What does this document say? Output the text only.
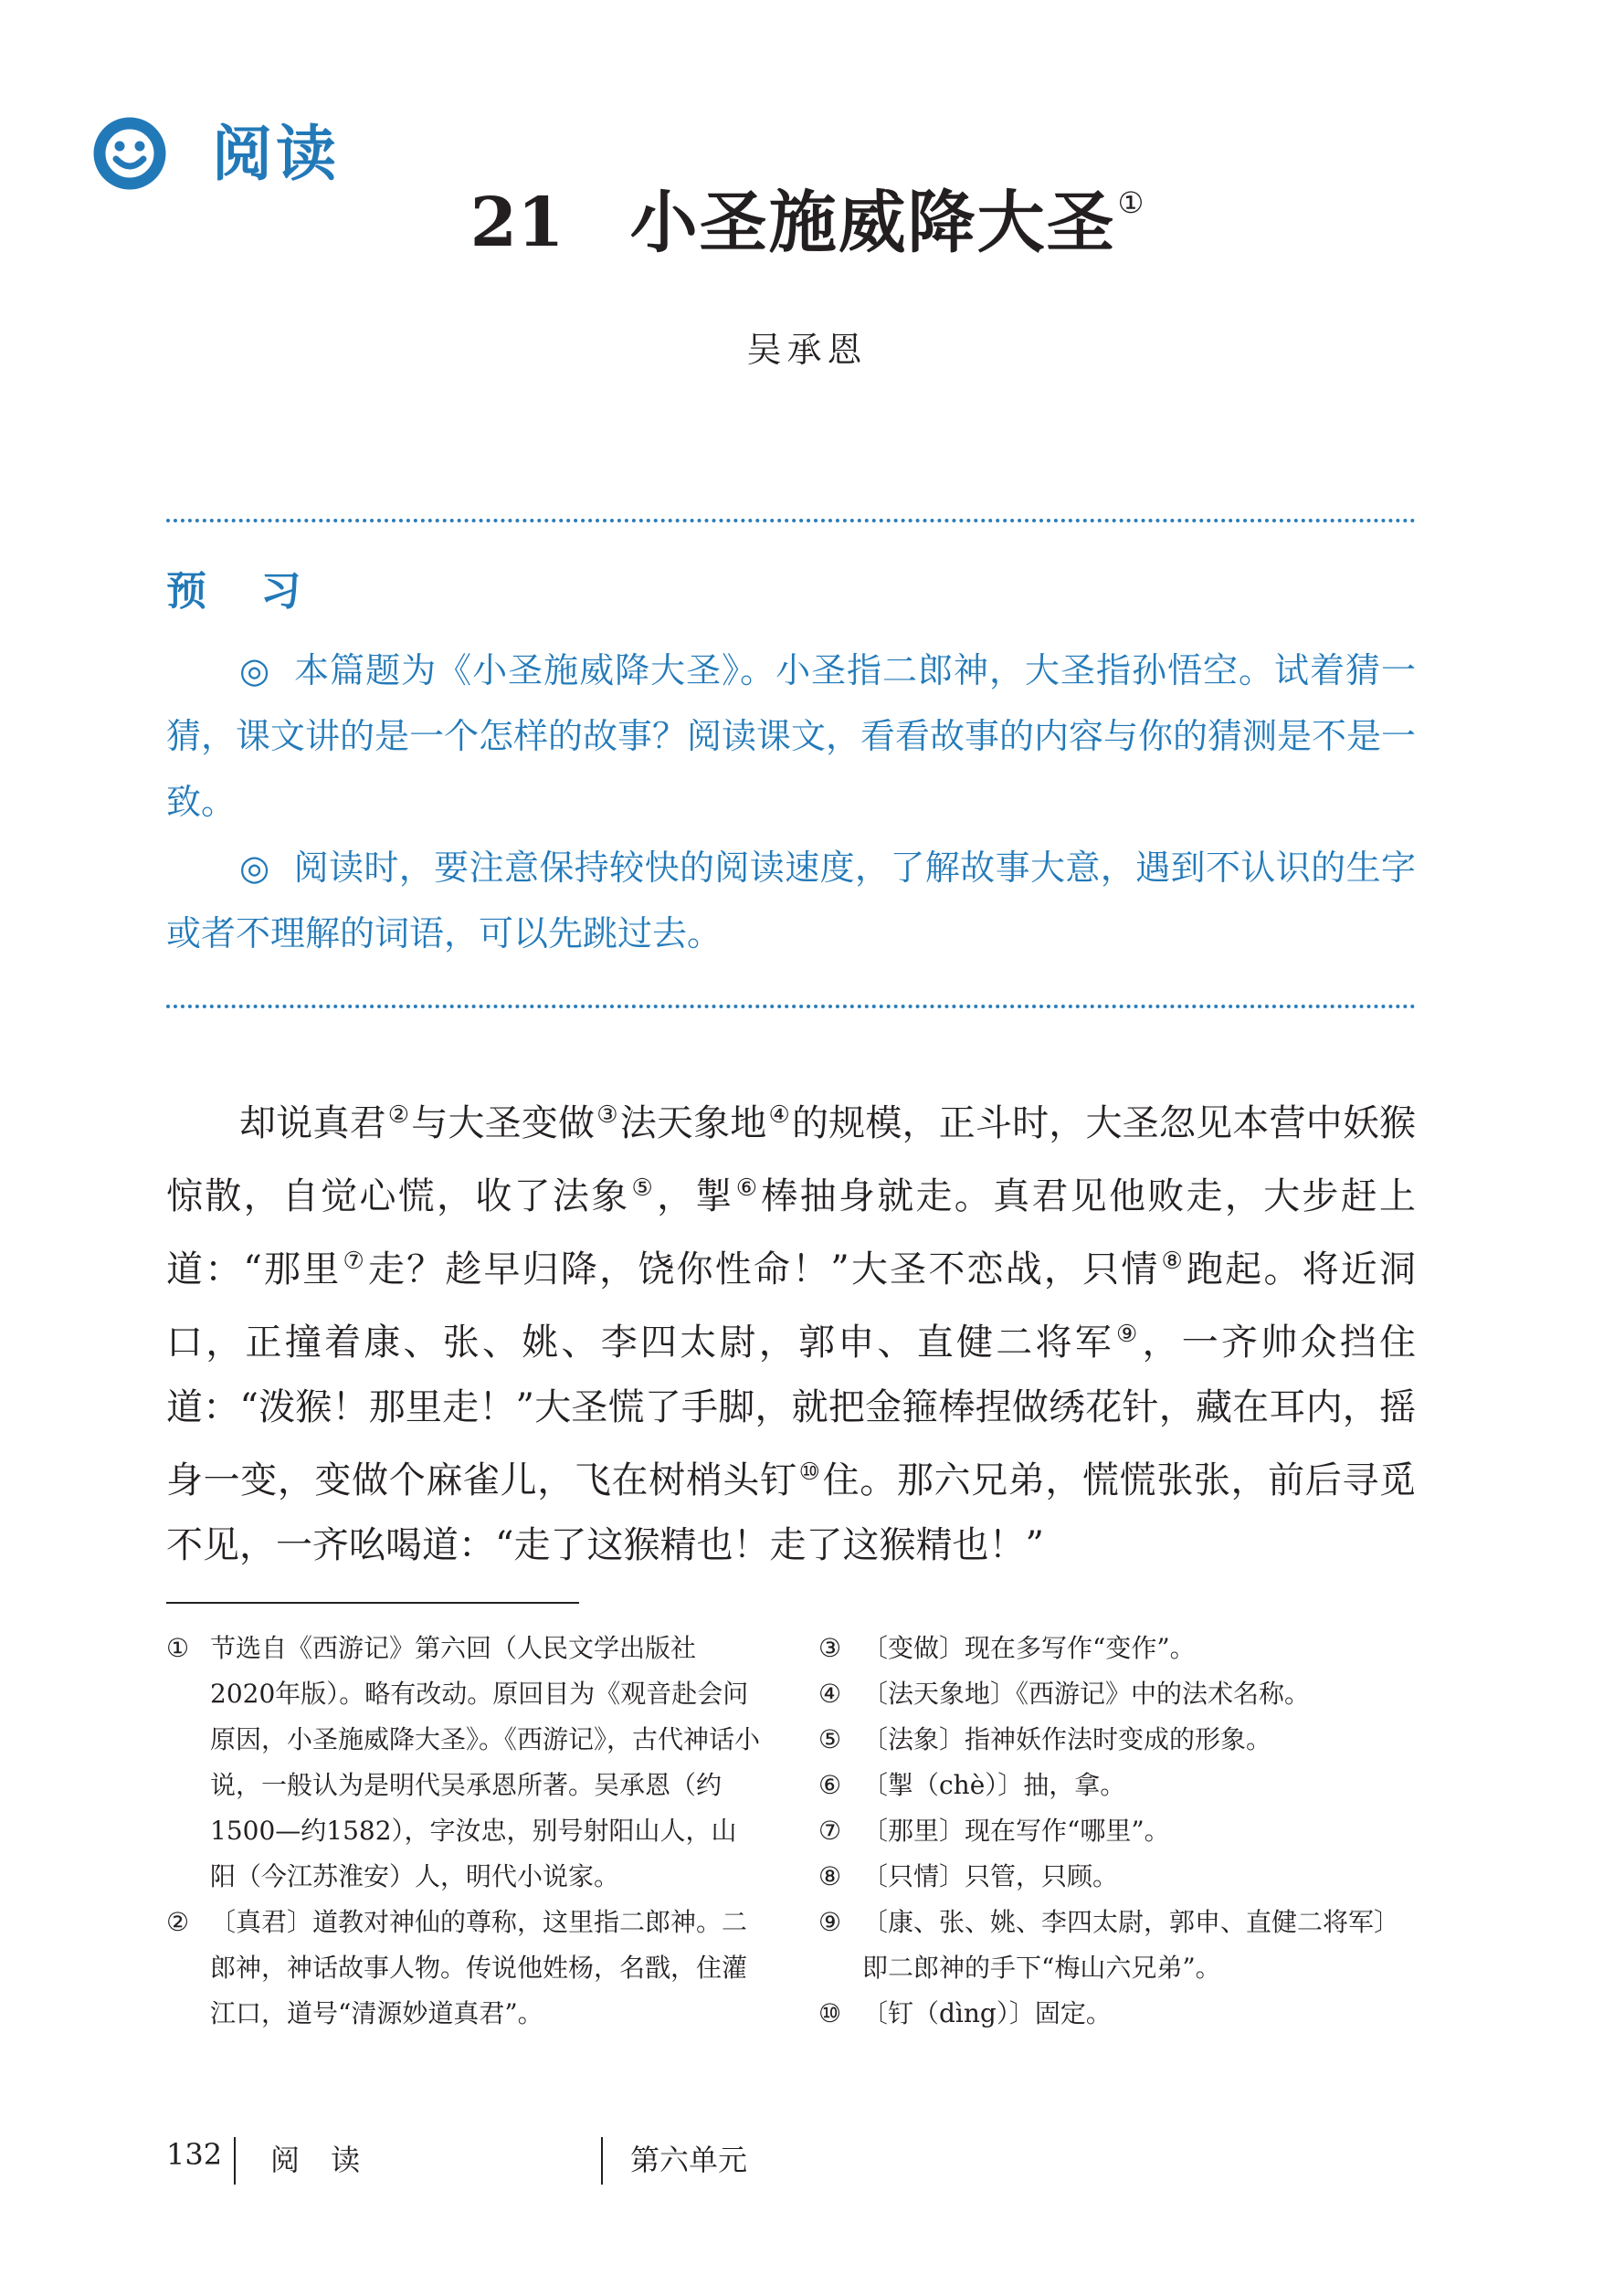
阅读
21 小圣施威降大圣①
吴承恩
预 习

◎ 本篇题为《小圣施威降大圣》。小圣指二郎神，大圣指孙悟空。试着猜一猜，课文讲的是一个怎样的故事？阅读课文，看看故事的内容与你的猜测是不是一致。

◎ 阅读时，要注意保持较快的阅读速度，了解故事大意，遇到不认识的生字或者不理解的词语，可以先跳过去。

却说真君②与大圣变做③法天象地④的规模，正斗时，大圣忽见本营中妖猴惊散，自觉心慌，收了法象⑤，掣⑥棒抽身就走。真君见他败走，大步赶上道：“那里⑦走？趁早归降，饶你性命！”大圣不恋战，只情⑧跑起。将近洞口，正撞着康、张、姚、李四太尉，郭申、直健二将军⑨，一齐帅众挡住道：“泼猴！那里走！”大圣慌了手脚，就把金箍棒捏做绣花针，藏在耳内，摇身一变，变做个麻雀儿，飞在树梢头钉⑩住。那六兄弟，慌慌张张，前后寻觅不见，一齐吆喝道：“走了这猴精也！走了这猴精也！”

① 节选自《西游记》第六回（人民文学出版社2020年版）。略有改动。原回目为《观音赴会问原因，小圣施威降大圣》。《西游记》，古代神话小说，一般认为是明代吴承恩所著。吴承恩（约1500—约1582），字汝忠，别号射阳山人，山阳（今江苏淮安）人，明代小说家。
② 〔真君〕道教对神仙的尊称，这里指二郎神。二郎神，神话故事人物。传说他姓杨，名戬，住灌江口，道号“清源妙道真君”。
③ 〔变做〕现在多写作“变作”。
④ 〔法天象地〕《西游记》中的法术名称。
⑤ 〔法象〕指神妖作法时变成的形象。
⑥ 〔掣（chè）〕抽，拿。
⑦ 〔那里〕现在写作“哪里”。
⑧ 〔只情〕只管，只顾。
⑨ 〔康、张、姚、李四太尉，郭申、直健二将军〕即二郎神的手下“梅山六兄弟”。
⑩ 〔钉（dìng）〕固定。
132 阅 读	第六单元
